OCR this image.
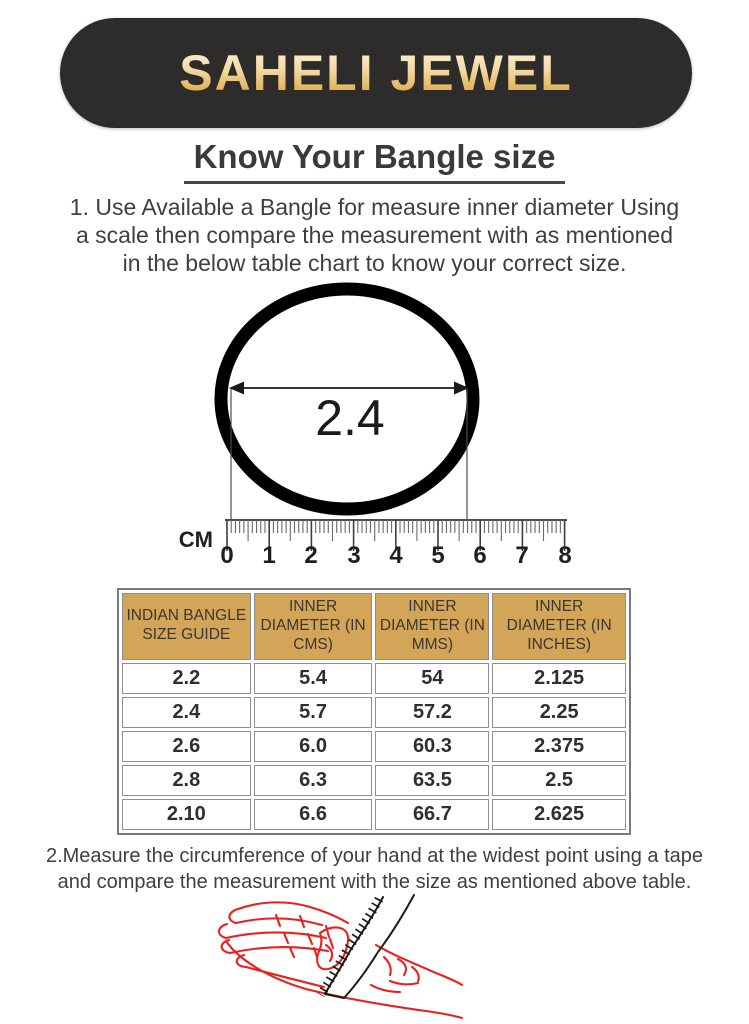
SAHELI JEWEL
Know Your Bangle size
1. Use Available a Bangle for measure inner diameter Using
a scale then compare the measurement with as mentioned
in the below table chart to know your correct size.
2.4
CM
0 1 2 3 4 5 6 7 8
INDIAN BANGLE SIZE GUIDE	INNER DIAMETER (IN CMS)	INNER DIAMETER (IN MMS)	INNER DIAMETER (IN INCHES)
2.2	5.4	54	2.125
2.4	5.7	57.2	2.25
2.6	6.0	60.3	2.375
2.8	6.3	63.5	2.5
2.10	6.6	66.7	2.625
2.Measure the circumference of your hand at the widest point using a tape
and compare the measurement with the size as mentioned above table.
